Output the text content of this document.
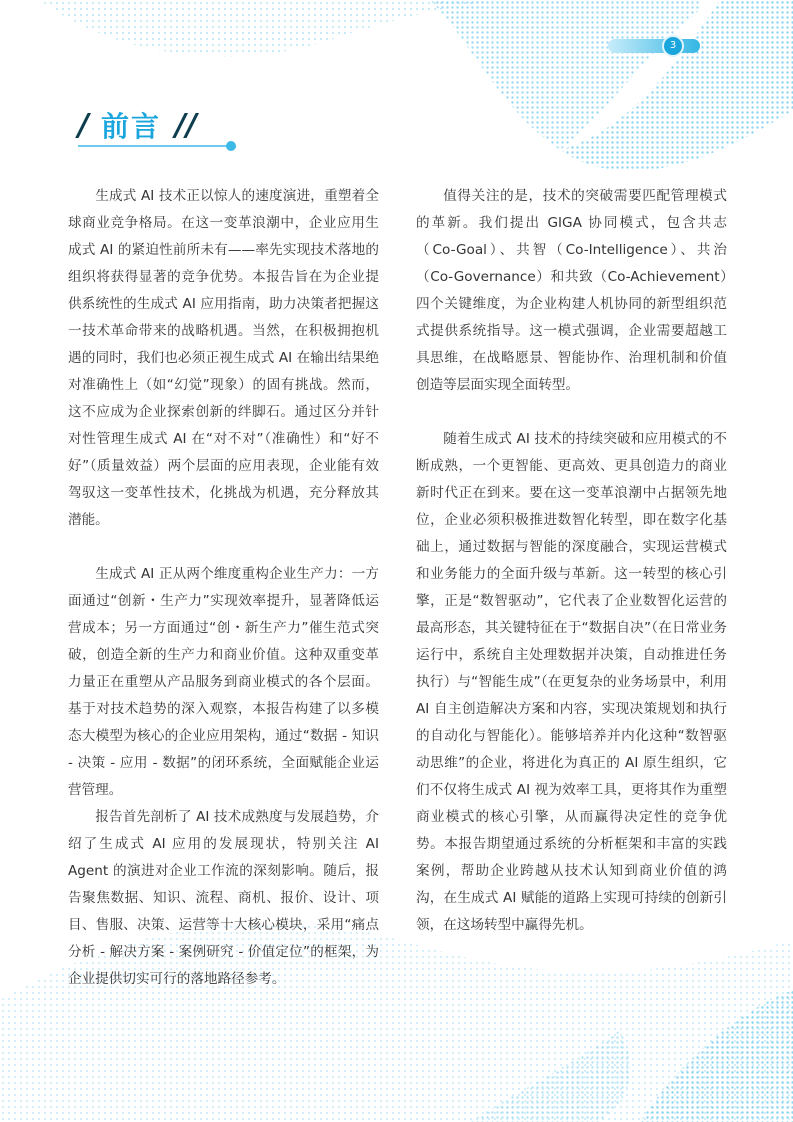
3
/ 前言 //

生成式 AI 技术正以惊人的速度演进，重塑着全球商业竞争格局。在这一变革浪潮中，企业应用生成式 AI 的紧迫性前所未有——率先实现技术落地的组织将获得显著的竞争优势。本报告旨在为企业提供系统性的生成式 AI 应用指南，助力决策者把握这一技术革命带来的战略机遇。当然，在积极拥抱机遇的同时，我们也必须正视生成式 AI 在输出结果绝对准确性上（如“幻觉”现象）的固有挑战。然而，这不应成为企业探索创新的绊脚石。通过区分并针对性管理生成式 AI 在“对不对”（准确性）和“好不好”（质量效益）两个层面的应用表现，企业能有效驾驭这一变革性技术，化挑战为机遇，充分释放其潜能。

生成式 AI 正从两个维度重构企业生产力：一方面通过“创新・生产力”实现效率提升，显著降低运营成本；另一方面通过“创・新生产力”催生范式突破，创造全新的生产力和商业价值。这种双重变革力量正在重塑从产品服务到商业模式的各个层面。基于对技术趋势的深入观察，本报告构建了以多模态大模型为核心的企业应用架构，通过“数据 - 知识 - 决策 - 应用 - 数据”的闭环系统，全面赋能企业运营管理。

报告首先剖析了 AI 技术成熟度与发展趋势，介绍了生成式 AI 应用的发展现状，特别关注 AI Agent 的演进对企业工作流的深刻影响。随后，报告聚焦数据、知识、流程、商机、报价、设计、项目、售服、决策、运营等十大核心模块，采用“痛点分析 - 解决方案 - 案例研究 - 价值定位”的框架，为企业提供切实可行的落地路径参考。

值得关注的是，技术的突破需要匹配管理模式的革新。我们提出 GIGA 协同模式，包含共志（Co-Goal）、共智（Co-Intelligence）、共治（Co-Governance）和共致（Co-Achievement）四个关键维度，为企业构建人机协同的新型组织范式提供系统指导。这一模式强调，企业需要超越工具思维，在战略愿景、智能协作、治理机制和价值创造等层面实现全面转型。

随着生成式 AI 技术的持续突破和应用模式的不断成熟，一个更智能、更高效、更具创造力的商业新时代正在到来。要在这一变革浪潮中占据领先地位，企业必须积极推进数智化转型，即在数字化基础上，通过数据与智能的深度融合，实现运营模式和业务能力的全面升级与革新。这一转型的核心引擎，正是“数智驱动”，它代表了企业数智化运营的最高形态，其关键特征在于“数据自决”（在日常业务运行中，系统自主处理数据并决策，自动推进任务执行）与“智能生成”（在更复杂的业务场景中，利用 AI 自主创造解决方案和内容，实现决策规划和执行的自动化与智能化）。能够培养并内化这种“数智驱动思维”的企业，将进化为真正的 AI 原生组织，它们不仅将生成式 AI 视为效率工具，更将其作为重塑商业模式的核心引擎，从而赢得决定性的竞争优势。本报告期望通过系统的分析框架和丰富的实践案例，帮助企业跨越从技术认知到商业价值的鸿沟，在生成式 AI 赋能的道路上实现可持续的创新引领，在这场转型中赢得先机。
